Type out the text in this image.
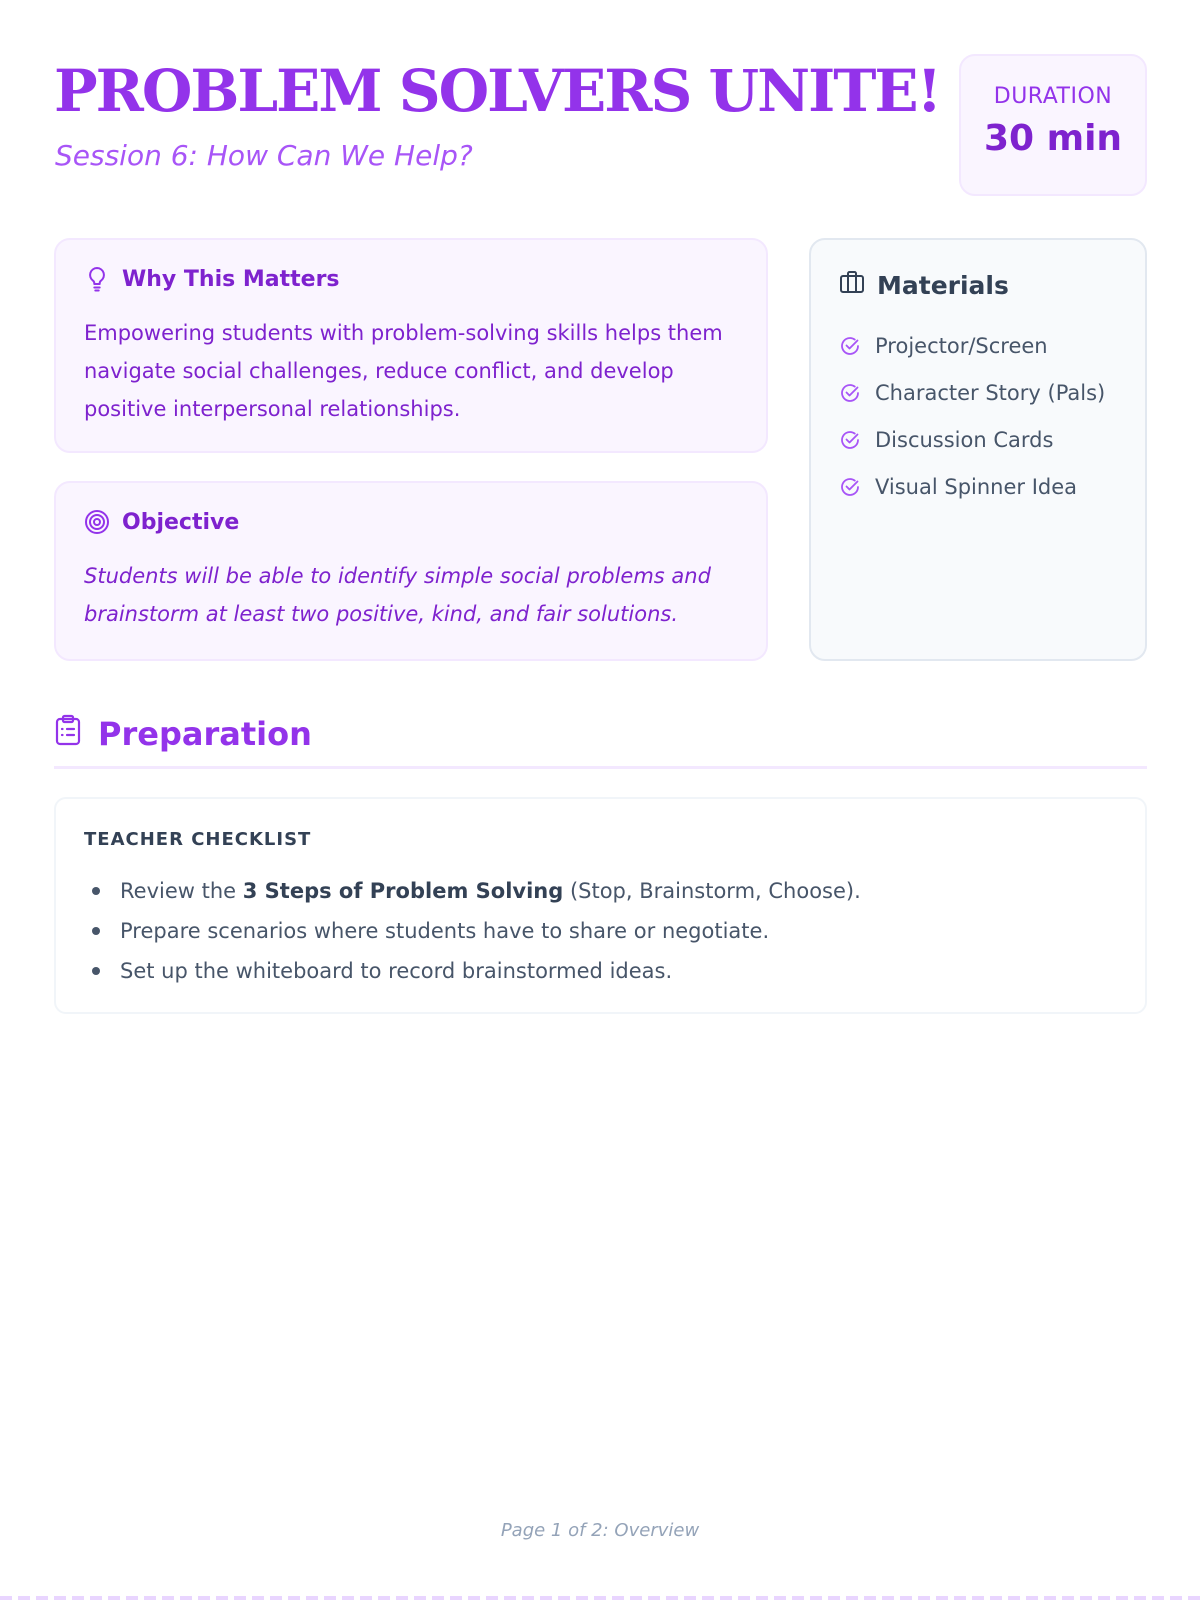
PROBLEM SOLVERS UNITE!
Session 6: How Can We Help?
DURATION
30 min
Why This Matters

Empowering students with problem-solving skills helps them navigate social challenges, reduce conflict, and develop positive interpersonal relationships.

Objective

Students will be able to identify simple social problems and brainstorm at least two positive, kind, and fair solutions.

Materials
Projector/Screen
Character Story (Pals)
Discussion Cards
Visual Spinner Idea
Preparation
TEACHER CHECKLIST
Review the 3 Steps of Problem Solving (Stop, Brainstorm, Choose).
Prepare scenarios where students have to share or negotiate.
Set up the whiteboard to record brainstormed ideas.
Page 1 of 2: Overview
